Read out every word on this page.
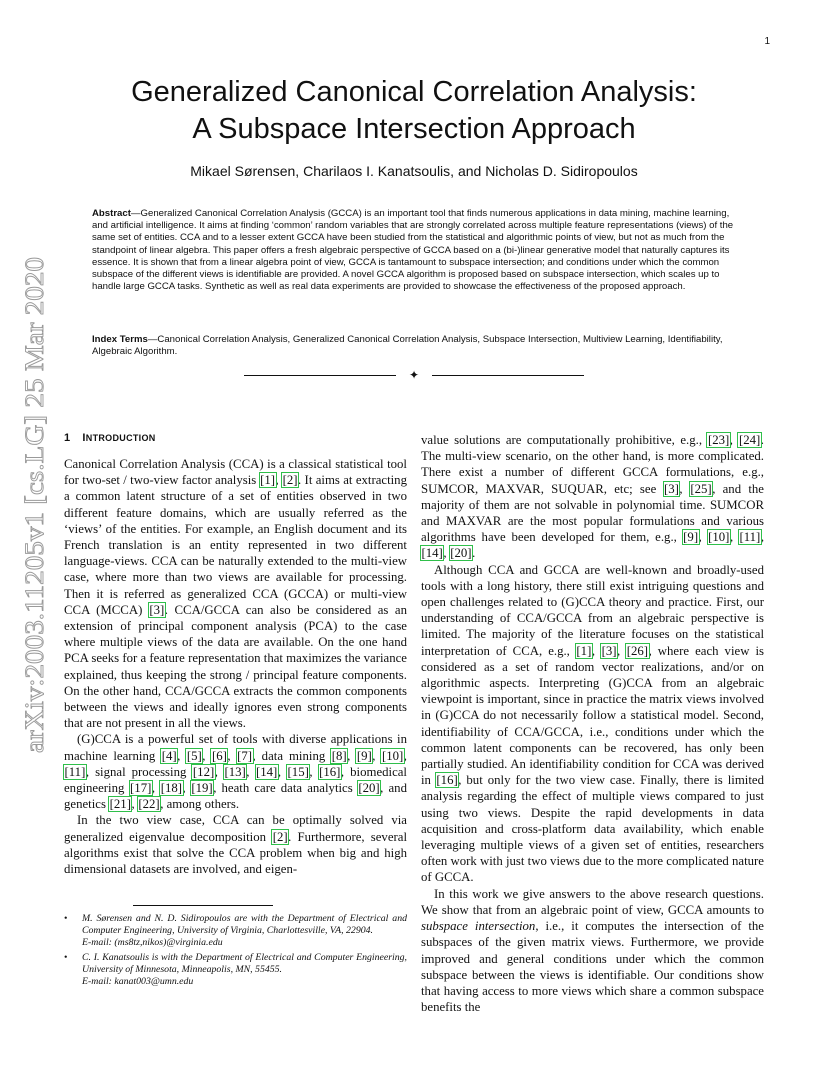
1
arXiv:2003.11205v1 [cs.LG] 25 Mar 2020
Generalized Canonical Correlation Analysis:
A Subspace Intersection Approach
Mikael Sørensen, Charilaos I. Kanatsoulis, and Nicholas D. Sidiropoulos
Abstract—Generalized Canonical Correlation Analysis (GCCA) is an important tool that finds numerous applications in data mining, machine learning, and artificial intelligence. It aims at finding ‘common’ random variables that are strongly correlated across multiple feature representations (views) of the same set of entities. CCA and to a lesser extent GCCA have been studied from the statistical and algorithmic points of view, but not as much from the standpoint of linear algebra. This paper offers a fresh algebraic perspective of GCCA based on a (bi-)linear generative model that naturally captures its essence. It is shown that from a linear algebra point of view, GCCA is tantamount to subspace intersection; and conditions under which the common subspace of the different views is identifiable are provided. A novel GCCA algorithm is proposed based on subspace intersection, which scales up to handle large GCCA tasks. Synthetic as well as real data experiments are provided to showcase the effectiveness of the proposed approach.
Index Terms—Canonical Correlation Analysis, Generalized Canonical Correlation Analysis, Subspace Intersection, Multiview Learning, Identifiability, Algebraic Algorithm.
✦
1 INTRODUCTION

Canonical Correlation Analysis (CCA) is a classical statistical tool for two-set / two-view factor analysis [1], [2]. It aims at extracting a common latent structure of a set of entities observed in two different feature domains, which are usually referred as the ‘views’ of the entities. For example, an English document and its French translation is an entity represented in two different language-views. CCA can be naturally extended to the multi-view case, where more than two views are available for processing. Then it is referred as generalized CCA (GCCA) or multi-view CCA (MCCA) [3]. CCA/GCCA can also be considered as an extension of principal component analysis (PCA) to the case where multiple views of the data are available. On the one hand PCA seeks for a feature representation that maximizes the variance explained, thus keeping the strong / principal feature components. On the other hand, CCA/GCCA extracts the common components between the views and ideally ignores even strong components that are not present in all the views.

(G)CCA is a powerful set of tools with diverse applications in machine learning [4], [5], [6], [7], data mining [8], [9], [10], [11], signal processing [12], [13], [14], [15], [16], biomedical engineering [17], [18], [19], heath care data analytics [20], and genetics [21], [22], among others.

In the two view case, CCA can be optimally solved via generalized eigenvalue decomposition [2]. Furthermore, several algorithms exist that solve the CCA problem when big and high dimensional datasets are involved, and eigen-

value solutions are computationally prohibitive, e.g., [23], [24]. The multi-view scenario, on the other hand, is more complicated. There exist a number of different GCCA formulations, e.g., SUMCOR, MAXVAR, SUQUAR, etc; see [3], [25], and the majority of them are not solvable in polynomial time. SUMCOR and MAXVAR are the most popular formulations and various algorithms have been developed for them, e.g., [9], [10], [11], [14], [20].

Although CCA and GCCA are well-known and broadly-used tools with a long history, there still exist intriguing questions and open challenges related to (G)CCA theory and practice. First, our understanding of CCA/GCCA from an algebraic perspective is limited. The majority of the literature focuses on the statistical interpretation of CCA, e.g., [1], [3], [26], where each view is considered as a set of random vector realizations, and/or on algorithmic aspects. Interpreting (G)CCA from an algebraic viewpoint is important, since in practice the matrix views involved in (G)CCA do not necessarily follow a statistical model. Second, identifiability of CCA/GCCA, i.e., conditions under which the common latent components can be recovered, has only been partially studied. An identifiability condition for CCA was derived in [16], but only for the two view case. Finally, there is limited analysis regarding the effect of multiple views compared to just using two views. Despite the rapid developments in data acquisition and cross-platform data availability, which enable leveraging multiple views of a given set of entities, researchers often work with just two views due to the more complicated nature of GCCA.

In this work we give answers to the above research questions. We show that from an algebraic point of view, GCCA amounts to subspace intersection, i.e., it computes the intersection of the subspaces of the given matrix views. Furthermore, we provide improved and general conditions under which the common subspace between the views is identifiable. Our conditions show that having access to more views which share a common subspace benefits the

• M. Sørensen and N. D. Sidiropoulos are with the Department of Electrical and Computer Engineering, University of Virginia, Charlottesville, VA, 22904.
E-mail: (ms8tz,nikos)@virginia.edu
• C. I. Kanatsoulis is with the Department of Electrical and Computer Engineering, University of Minnesota, Minneapolis, MN, 55455.
E-mail: kanat003@umn.edu
